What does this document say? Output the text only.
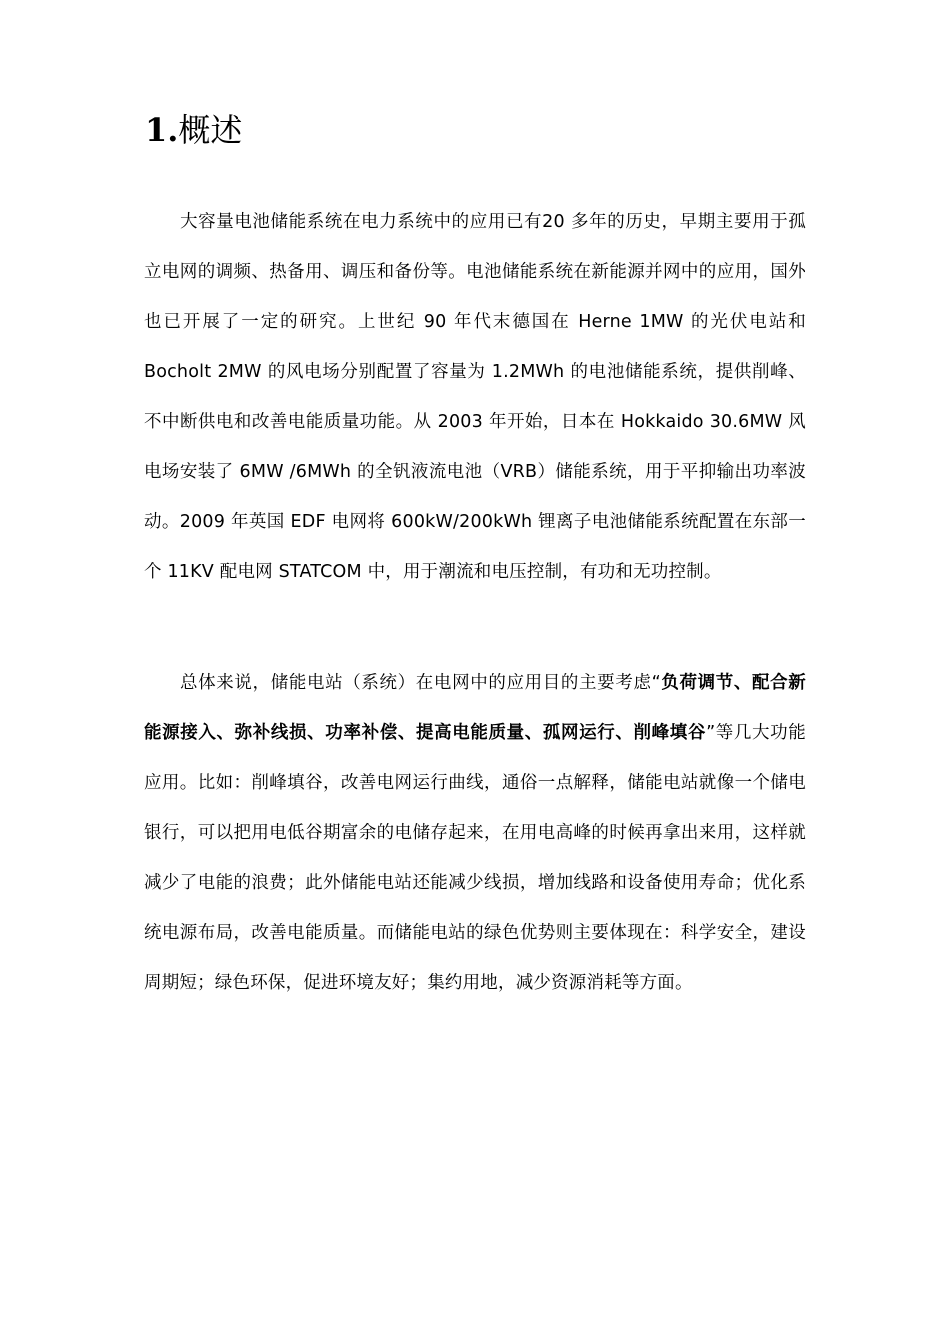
1.概述

大容量电池储能系统在电力系统中的应用已有20 多年的历史，早期主要用于孤立电网的调频、热备用、调压和备份等。电池储能系统在新能源并网中的应用，国外也已开展了一定的研究。上世纪 90 年代末德国在 Herne 1MW 的光伏电站和 Bocholt 2MW 的风电场分别配置了容量为 1.2MWh 的电池储能系统，提供削峰、不中断供电和改善电能质量功能。从 2003 年开始，日本在 Hokkaido 30.6MW 风电场安装了 6MW /6MWh 的全钒液流电池（VRB）储能系统，用于平抑输出功率波动。2009 年英国 EDF 电网将 600kW/200kWh 锂离子电池储能系统配置在东部一个 11KV 配电网 STATCOM 中，用于潮流和电压控制，有功和无功控制。

总体来说，储能电站（系统）在电网中的应用目的主要考虑“负荷调节、配合新能源接入、弥补线损、功率补偿、提高电能质量、孤网运行、削峰填谷”等几大功能应用。比如：削峰填谷，改善电网运行曲线，通俗一点解释，储能电站就像一个储电银行，可以把用电低谷期富余的电储存起来，在用电高峰的时候再拿出来用，这样就减少了电能的浪费；此外储能电站还能减少线损，增加线路和设备使用寿命；优化系统电源布局，改善电能质量。而储能电站的绿色优势则主要体现在：科学安全，建设周期短；绿色环保，促进环境友好；集约用地，减少资源消耗等方面。
